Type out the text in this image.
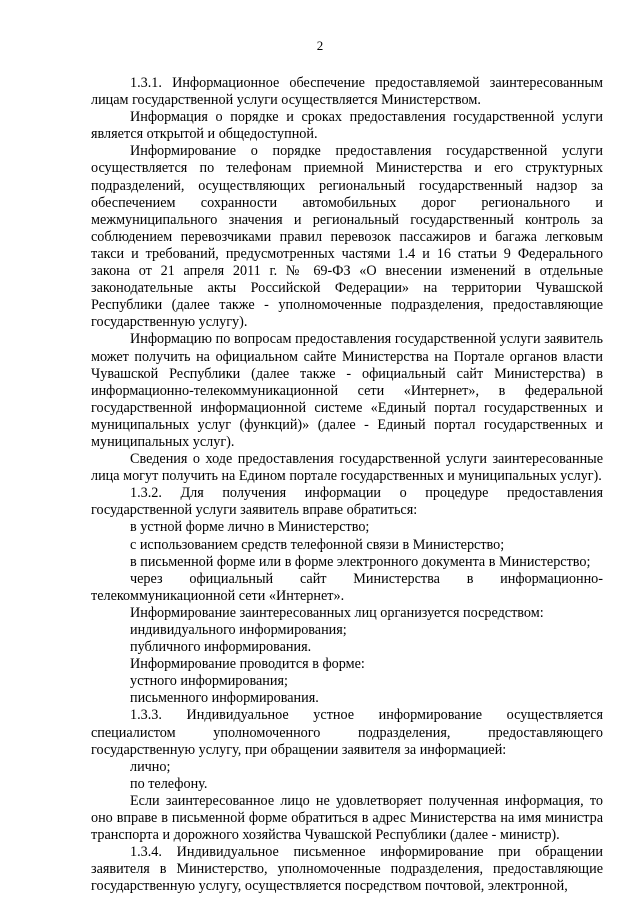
2

1.3.1. Информационное обеспечение предоставляемой заинтересованным лицам государственной услуги осуществляется Министерством.

Информация о порядке и сроках предоставления государственной услуги является открытой и общедоступной.

Информирование о порядке предоставления государственной услуги осуществляется по телефонам приемной Министерства и его структурных подразделений, осуществляющих региональный государственный надзор за обеспечением сохранности автомобильных дорог регионального и межмуниципального значения и региональный государственный контроль за соблюдением перевозчиками правил перевозок пассажиров и багажа легковым такси и требований, предусмотренных частями 1.4 и 16 статьи 9 Федерального закона от 21 апреля 2011 г. № 69-ФЗ «О внесении изменений в отдельные законодательные акты Российской Федерации» на территории Чувашской Республики (далее также - уполномоченные подразделения, предоставляющие государственную услугу).

Информацию по вопросам предоставления государственной услуги заявитель может получить на официальном сайте Министерства на Портале органов власти Чувашской Республики (далее также - официальный сайт Министерства) в информационно-телекоммуникационной сети «Интернет», в федеральной государственной информационной системе «Единый портал государственных и муниципальных услуг (функций)» (далее - Единый портал государственных и муниципальных услуг).

Сведения о ходе предоставления государственной услуги заинтересованные лица могут получить на Едином портале государственных и муниципальных услуг).

1.3.2. Для получения информации о процедуре предоставления государственной услуги заявитель вправе обратиться:

в устной форме лично в Министерство;

с использованием средств телефонной связи в Министерство;

в письменной форме или в форме электронного документа в Министерство;

через официальный сайт Министерства в информационно-телекоммуникационной сети «Интернет».

Информирование заинтересованных лиц организуется посредством:

индивидуального информирования;

публичного информирования.

Информирование проводится в форме:

устного информирования;

письменного информирования.

1.3.3. Индивидуальное устное информирование осуществляется специалистом уполномоченного подразделения, предоставляющего государственную услугу, при обращении заявителя за информацией:

лично;

по телефону.

Если заинтересованное лицо не удовлетворяет полученная информация, то оно вправе в письменной форме обратиться в адрес Министерства на имя министра транспорта и дорожного хозяйства Чувашской Республики (далее - министр).

1.3.4. Индивидуальное письменное информирование при обращении заявителя в Министерство, уполномоченные подразделения, предоставляющие государственную услугу, осуществляется посредством почтовой, электронной,
